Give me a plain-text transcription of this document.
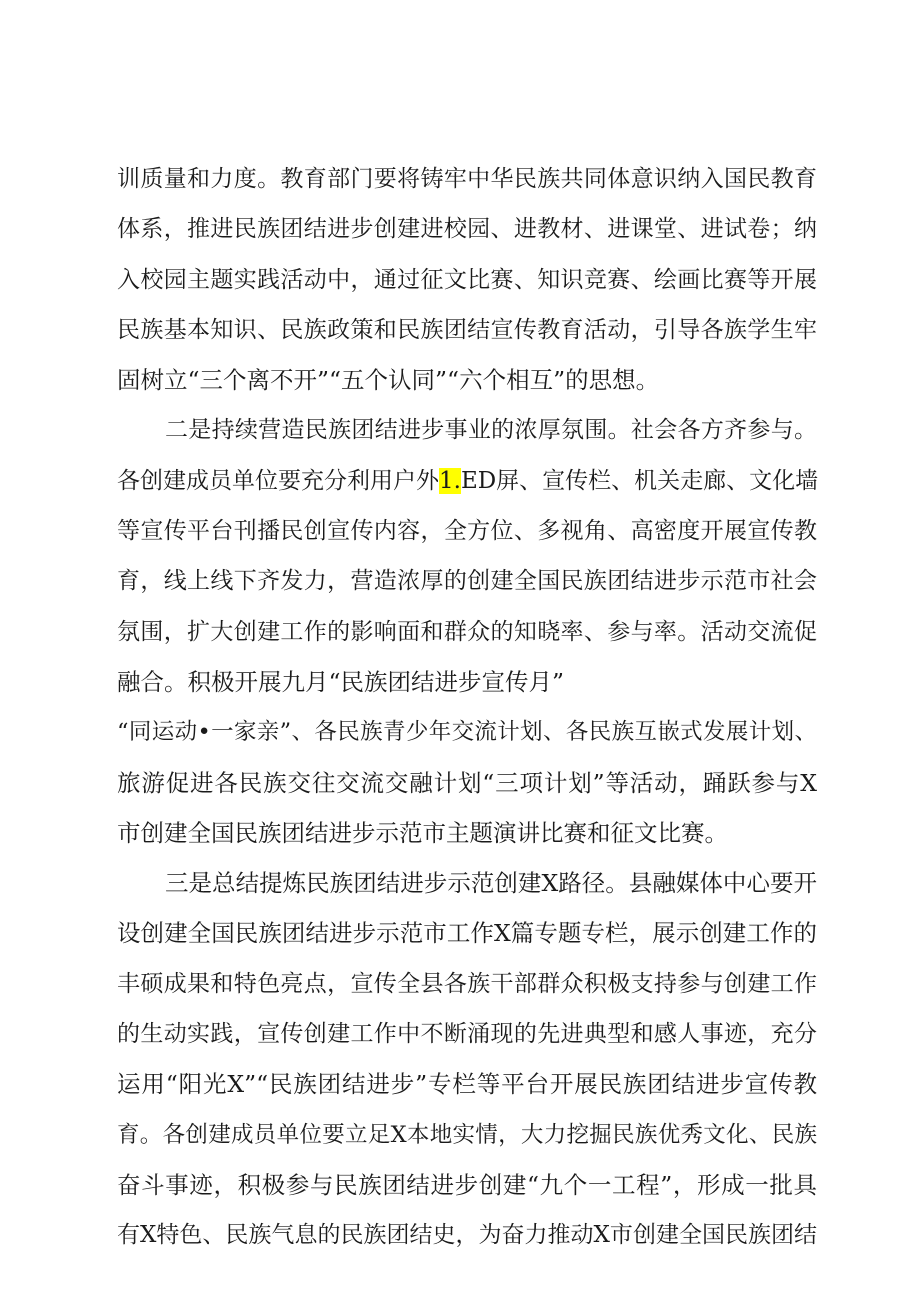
训质量和力度。教育部门要将铸牢中华民族共同体意识纳入国民教育
体系，推进民族团结进步创建进校园、进教材、进课堂、进试卷；纳
入校园主题实践活动中，通过征文比赛、知识竞赛、绘画比赛等开展
民族基本知识、民族政策和民族团结宣传教育活动，引导各族学生牢
固树立“三个离不开”“五个认同”“六个相互”的思想。
二是持续营造民族团结进步事业的浓厚氛围。社会各方齐参与。
各创建成员单位要充分利用户外1.ED屏、宣传栏、机关走廊、文化墙
等宣传平台刊播民创宣传内容，全方位、多视角、高密度开展宣传教
育，线上线下齐发力，营造浓厚的创建全国民族团结进步示范市社会
氛围，扩大创建工作的影响面和群众的知晓率、参与率。活动交流促
融合。积极开展九月“民族团结进步宣传月”
“同运动•一家亲”、各民族青少年交流计划、各民族互嵌式发展计划、
旅游促进各民族交往交流交融计划“三项计划”等活动，踊跃参与X
市创建全国民族团结进步示范市主题演讲比赛和征文比赛。
三是总结提炼民族团结进步示范创建X路径。县融媒体中心要开
设创建全国民族团结进步示范市工作X篇专题专栏，展示创建工作的
丰硕成果和特色亮点，宣传全县各族干部群众积极支持参与创建工作
的生动实践，宣传创建工作中不断涌现的先进典型和感人事迹，充分
运用“阳光X”“民族团结进步”专栏等平台开展民族团结进步宣传教
育。各创建成员单位要立足X本地实情，大力挖掘民族优秀文化、民族
奋斗事迹，积极参与民族团结进步创建“九个一工程”，形成一批具
有X特色、民族气息的民族团结史，为奋力推动X市创建全国民族团结
